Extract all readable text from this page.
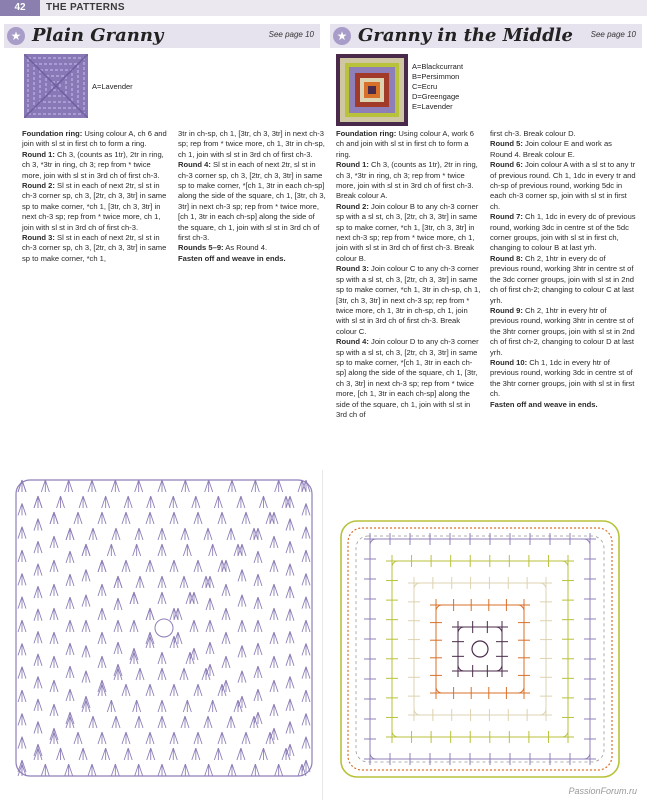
42	THE PATTERNS
★ Plain Granny	See page 10	★ Granny in the Middle See page 10
A=Lavender
A=Blackcurrant
B=Persimmon
C=Ecru
D=Greengage
E=Lavender

Foundation ring: Using colour A, ch 6 and join with sl st in first ch to form a ring.

Round 1: Ch 3, (counts as 1tr), 2tr in ring, ch 3, *3tr in ring, ch 3; rep from * twice more, join with sl st in 3rd ch of first ch-3.

Round 2: Sl st in each of next 2tr, sl st in ch-3 corner sp, ch 3, [2tr, ch 3, 3tr] in same sp to make corner, *ch 1, [3tr, ch 3, 3tr] in next ch-3 sp; rep from * twice more, ch 1, join with sl st in 3rd ch of first ch-3.

Round 3: Sl st in each of next 2tr, sl st in ch-3 corner sp, ch 3, [2tr, ch 3, 3tr] in same sp to make corner, *ch 1,

3tr in ch-sp, ch 1, [3tr, ch 3, 3tr] in next ch-3 sp; rep from * twice more, ch 1, 3tr in ch-sp, ch 1, join with sl st in 3rd ch of first ch-3.

Round 4: Sl st in each of next 2tr, sl st in ch-3 corner sp, ch 3, [2tr, ch 3, 3tr] in same sp to make corner, *[ch 1, 3tr in each ch-sp] along the side of the square, ch 1, [3tr, ch 3, 3tr] in next ch-3 sp; rep from * twice more, [ch 1, 3tr in each ch-sp] along the side of the square, ch 1, join with sl st in 3rd ch of first ch-3.

Rounds 5–9: As Round 4.

Fasten off and weave in ends.

Foundation ring: Using colour A, work 6 ch and join with sl st in first ch to form a ring.

Round 1: Ch 3, (counts as 1tr), 2tr in ring, ch 3, *3tr in ring, ch 3; rep from * twice more, join with sl st in 3rd ch of first ch-3. Break colour A.

Round 2: Join colour B to any ch-3 corner sp with a sl st, ch 3, [2tr, ch 3, 3tr] in same sp to make corner, *ch 1, [3tr, ch 3, 3tr] in next ch-3 sp; rep from * twice more, ch 1, join with sl st in 3rd ch of first ch-3. Break colour B.

Round 3: Join colour C to any ch-3 corner sp with a sl st, ch 3, [2tr, ch 3, 3tr] in same sp to make corner, *ch 1, 3tr in ch-sp, ch 1, [3tr, ch 3, 3tr] in next ch-3 sp; rep from * twice more, ch 1, 3tr in ch-sp, ch 1, join with sl st in 3rd ch of first ch-3. Break colour C.

Round 4: Join colour D to any ch-3 corner sp with a sl st, ch 3, [2tr, ch 3, 3tr] in same sp to make corner, *[ch 1, 3tr in each ch-sp] along the side of the square, ch 1, [3tr, ch 3, 3tr] in next ch-3 sp; rep from * twice more, [ch 1, 3tr in each ch-sp] along the side of the square, ch 1, join with sl st in 3rd ch of

first ch-3. Break colour D.

Round 5: Join colour E and work as Round 4. Break colour E.

Round 6: Join colour A with a sl st to any tr of previous round. Ch 1, 1dc in every tr and ch-sp of previous round, working 5dc in each ch-3 corner sp, join with sl st in first ch.

Round 7: Ch 1, 1dc in every dc of previous round, working 3dc in centre st of the 5dc corner groups, join with sl st in first ch, changing to colour B at last yrh.

Round 8: Ch 2, 1htr in every dc of previous round, working 3htr in centre st of the 3dc corner groups, join with sl st in 2nd ch of first ch-2; changing to colour C at last yrh.

Round 9: Ch 2, 1htr in every htr of previous round, working 3htr in centre st of the 3htr corner groups, join with sl st in 2nd ch of first ch-2, changing to colour D at last yrh.

Round 10: Ch 1, 1dc in every htr of previous round, working 3dc in centre st of the 3htr corner groups, join with sl st in first ch.

Fasten off and weave in ends.

PassionForum.ru
